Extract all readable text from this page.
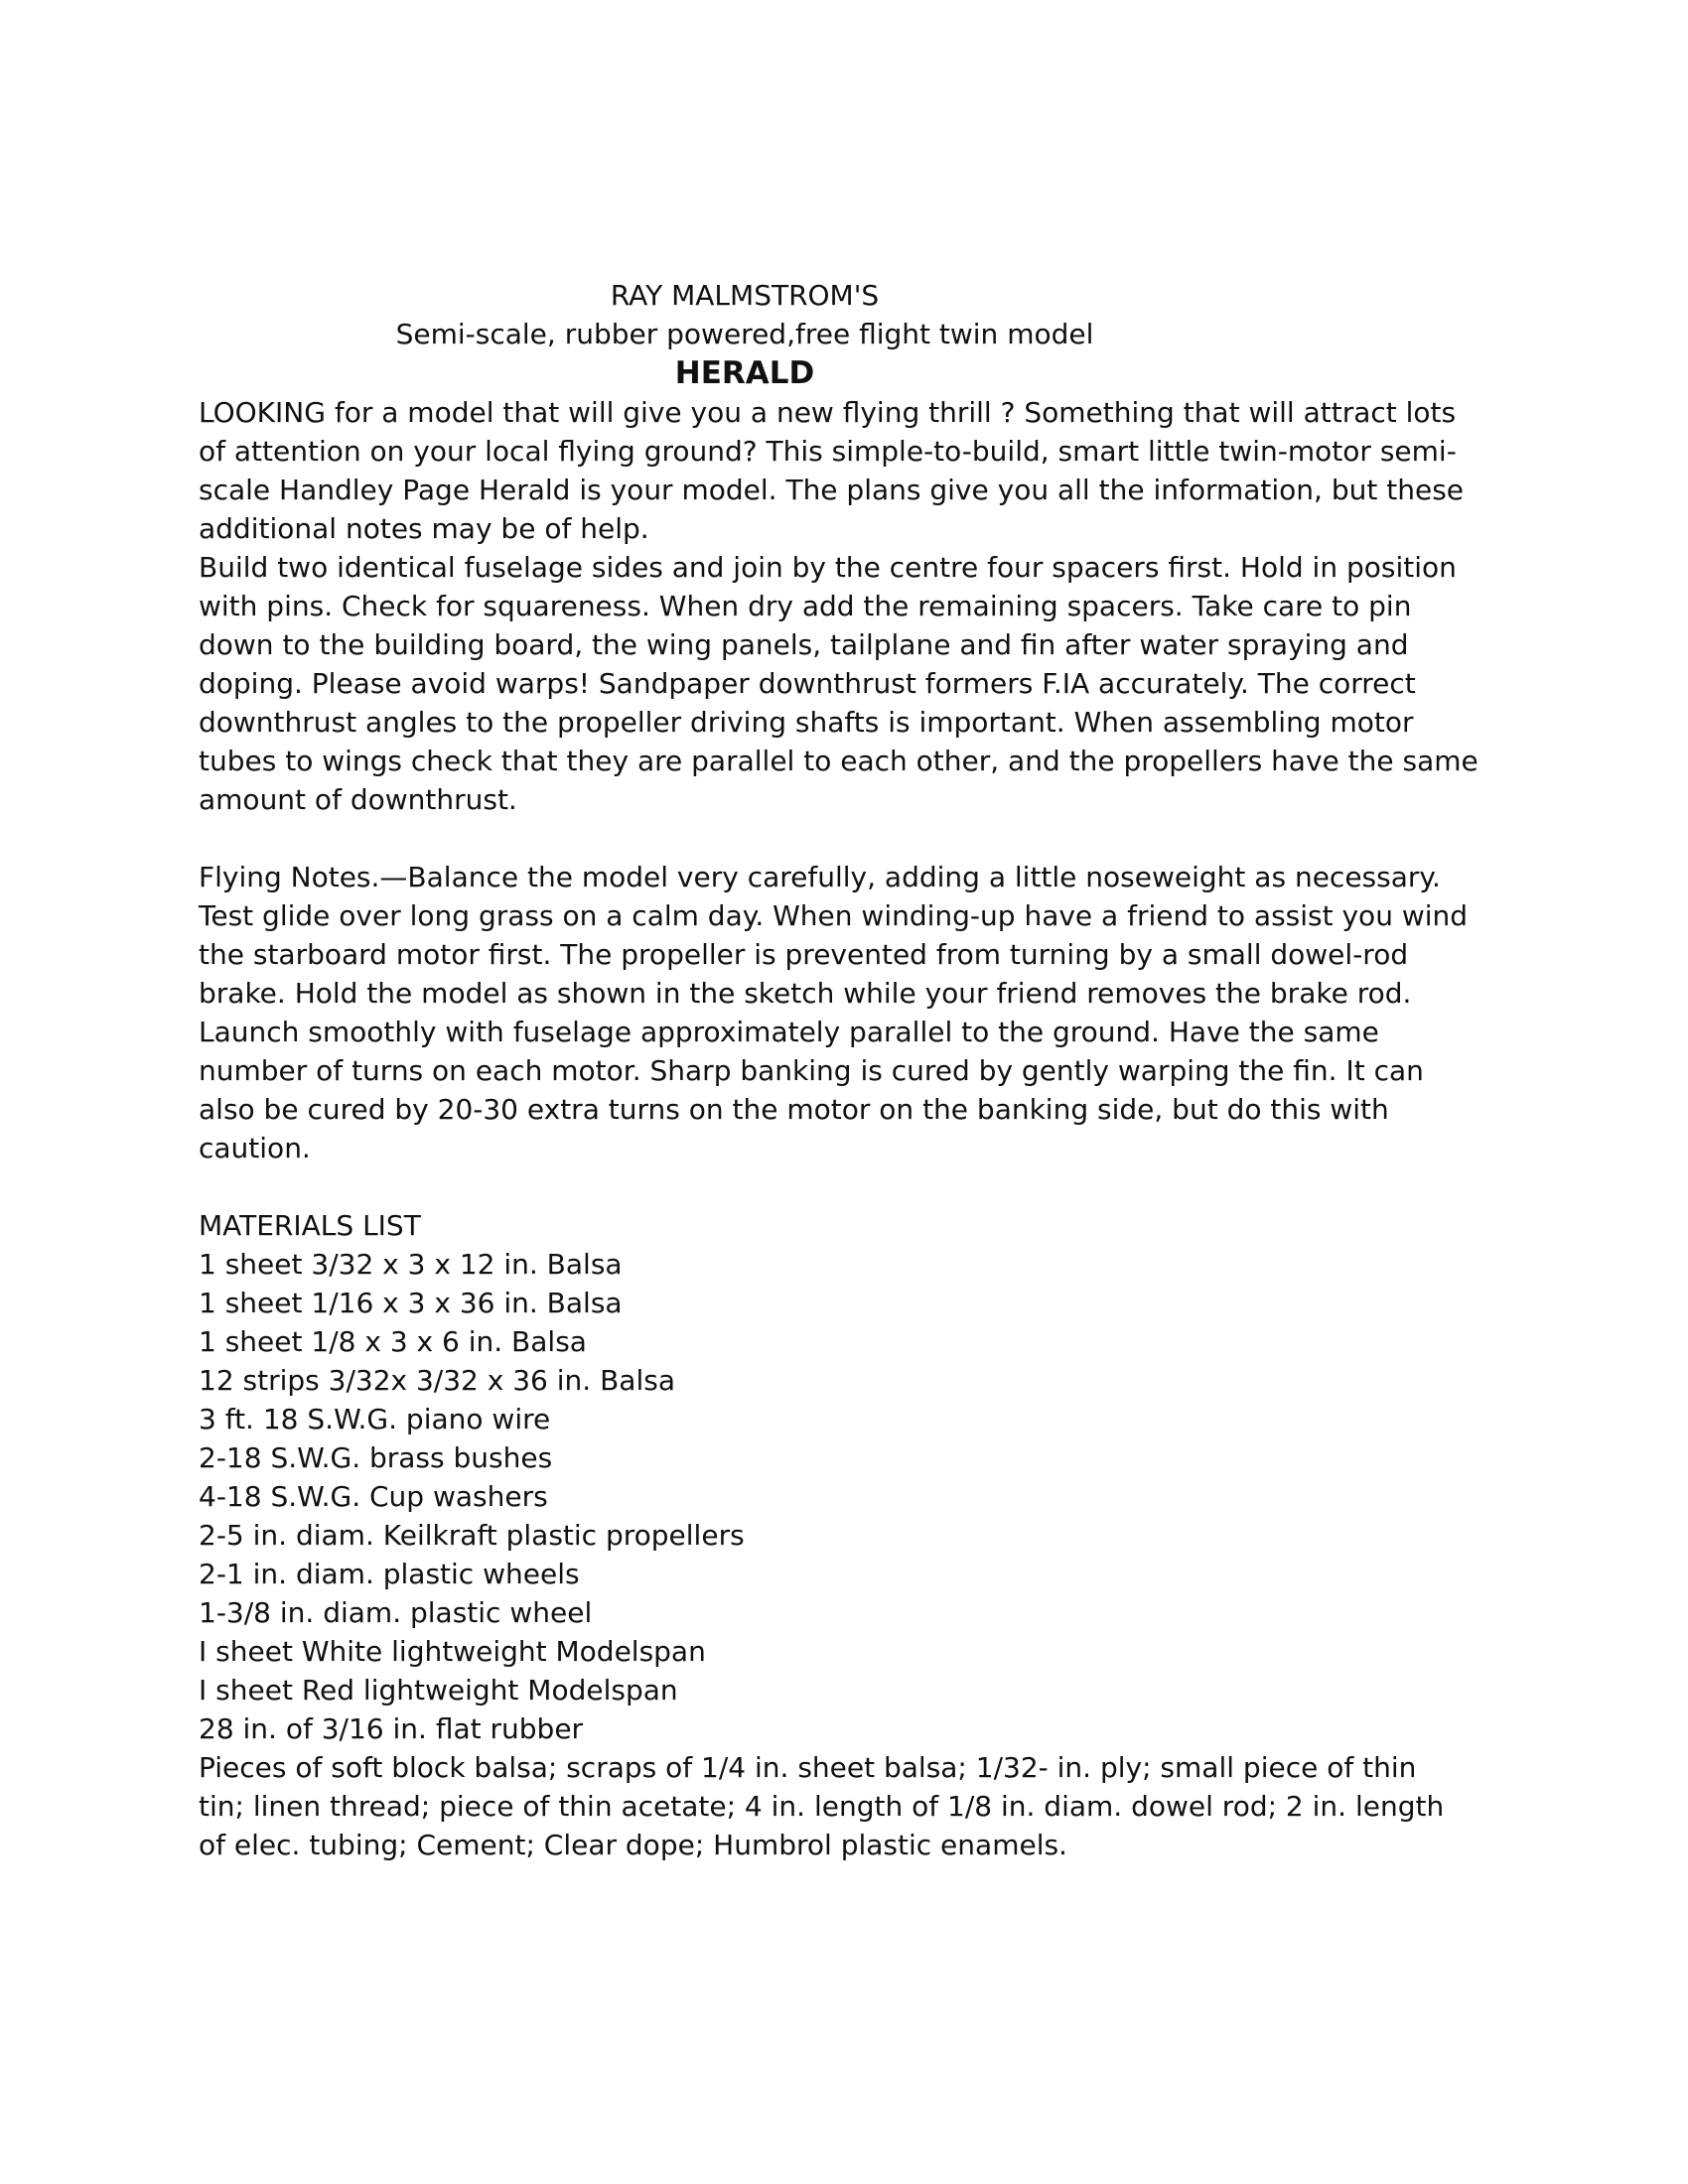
RAY MALMSTROM'S
Semi-scale, rubber powered,free flight twin model
HERALD
LOOKING for a model that will give you a new flying thrill ? Something that will attract lots
of attention on your local flying ground? This simple-to-build, smart little twin-motor semi-
scale Handley Page Herald is your model. The plans give you all the information, but these
additional notes may be of help.
Build two identical fuselage sides and join by the centre four spacers first. Hold in position
with pins. Check for squareness. When dry add the remaining spacers. Take care to pin
down to the building board, the wing panels, tailplane and fin after water spraying and
doping. Please avoid warps! Sandpaper downthrust formers F.IA accurately. The correct
downthrust angles to the propeller driving shafts is important. When assembling motor
tubes to wings check that they are parallel to each other, and the propellers have the same
amount of downthrust.
Flying Notes.—Balance the model very carefully, adding a little noseweight as necessary.
Test glide over long grass on a calm day. When winding-up have a friend to assist you wind
the starboard motor first. The propeller is prevented from turning by a small dowel-rod
brake. Hold the model as shown in the sketch while your friend removes the brake rod.
Launch smoothly with fuselage approximately parallel to the ground. Have the same
number of turns on each motor. Sharp banking is cured by gently warping the fin. It can
also be cured by 20-30 extra turns on the motor on the banking side, but do this with
caution.
MATERIALS LIST
1 sheet 3/32 x 3 x 12 in. Balsa
1 sheet 1/16 x 3 x 36 in. Balsa
1 sheet 1/8 x 3 x 6 in. Balsa
12 strips 3/32x 3/32 x 36 in. Balsa
3 ft. 18 S.W.G. piano wire
2-18 S.W.G. brass bushes
4-18 S.W.G. Cup washers
2-5 in. diam. Keilkraft plastic propellers
2-1 in. diam. plastic wheels
1-3/8 in. diam. plastic wheel
I sheet White lightweight Modelspan
I sheet Red lightweight Modelspan
28 in. of 3/16 in. flat rubber
Pieces of soft block balsa; scraps of 1/4 in. sheet balsa; 1/32- in. ply; small piece of thin
tin; linen thread; piece of thin acetate; 4 in. length of 1/8 in. diam. dowel rod; 2 in. length
of elec. tubing; Cement; Clear dope; Humbrol plastic enamels.
